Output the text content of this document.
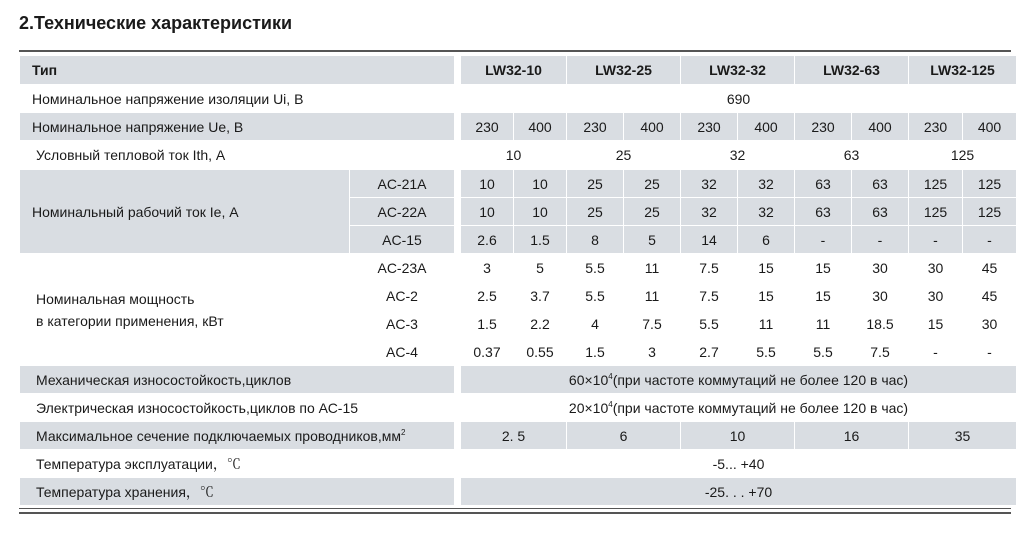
2.Технические характеристики
Тип			LW32-10		LW32-25		LW32-32		LW32-63		LW32-125	
Номинальное напряжение изоляции Ui, В			690									
Номинальное напряжение Ue, В			230	400	230	400	230	400	230	400	230	400
Условный тепловой ток Ith, А			10		25		32		63		125	
Номинальный рабочий ток Ie, А	AC-21A		10	10	25	25	32	32	63	63	125	125
	AC-22A		10	10	25	25	32	32	63	63	125	125
	AC-15		2.6	1.5	8	5	14	6	-	-	-	-
Номинальная мощность
в категории применения, кВт	AC-23A		3	5	5.5	11	7.5	15	15	30	30	45
	AC-2		2.5	3.7	5.5	11	7.5	15	15	30	30	45
	AC-3		1.5	2.2	4	7.5	5.5	11	11	18.5	15	30
	AC-4		0.37	0.55	1.5	3	2.7	5.5	5.5	7.5	-	-
Механическая износостойкость,циклов			$60\times 10^4(при$ частоте коммутаций не более 120 в час)									
Электрическая износостойкость,циклов по АС-15			$20\times 10^4(при$ частоте коммутаций не более 120 в час)									
Максимальное сечение подключаемых $проводников,мм^2$			2. 5		6		10		16		35	
Температура эксплуатации，℃			-5... +40									
Температура хранения，℃			-25. . . +70									
